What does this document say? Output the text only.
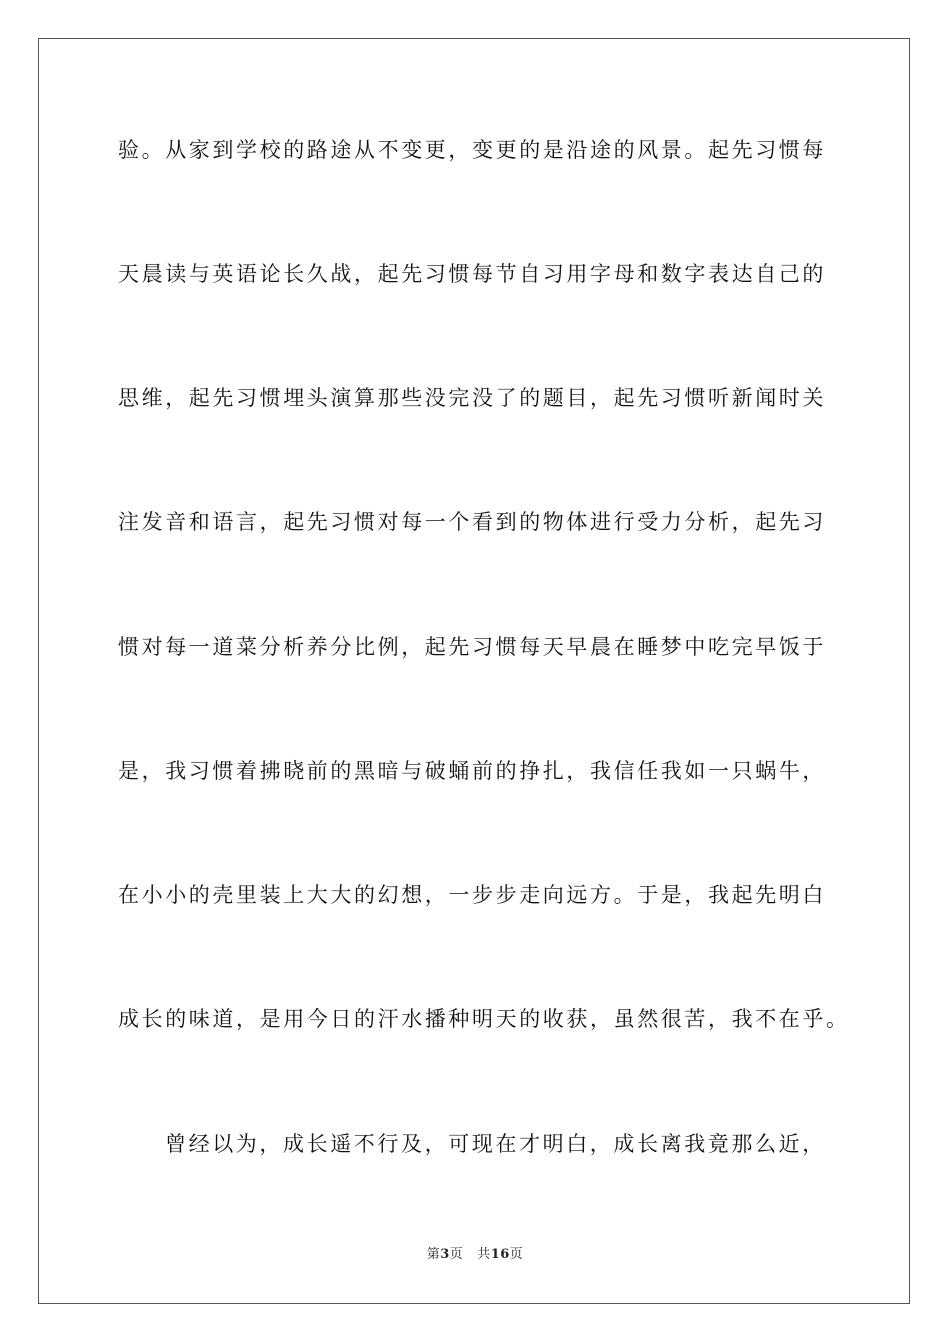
验。从家到学校的路途从不变更，变更的是沿途的风景。起先习惯每

天晨读与英语论长久战，起先习惯每节自习用字母和数字表达自己的

思维，起先习惯埋头演算那些没完没了的题目，起先习惯听新闻时关

注发音和语言，起先习惯对每一个看到的物体进行受力分析，起先习

惯对每一道菜分析养分比例，起先习惯每天早晨在睡梦中吃完早饭于

是，我习惯着拂晓前的黑暗与破蛹前的挣扎，我信任我如一只蜗牛，

在小小的壳里装上大大的幻想，一步步走向远方。于是，我起先明白

成长的味道，是用今日的汗水播种明天的收获，虽然很苦，我不在乎。

曾经以为，成长遥不行及，可现在才明白，成长离我竟那么近，

第3页 共16页
